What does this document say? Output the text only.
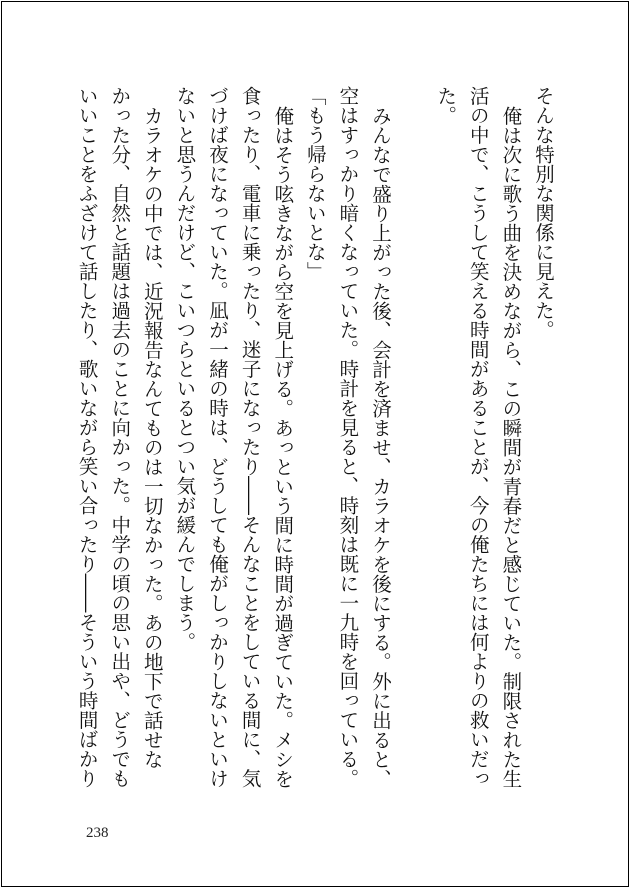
そんな特別な関係に見えた。
俺は次に歌う曲を決めながら、この瞬間が青春だと感じていた。制限された生
活の中で、こうして笑える時間があることが、今の俺たちには何よりの救いだっ
た。
みんなで盛り上がった後、会計を済ませ、カラオケを後にする。外に出ると、
空はすっかり暗くなっていた。時計を見ると、時刻は既に一九時を回っている。
「もう帰らないとな」
俺はそう呟きながら空を見上げる。あっという間に時間が過ぎていた。メシを
食ったり、電車に乗ったり、迷子になったり――そんなことをしている間に、気
づけば夜になっていた。凪が一緒の時は、どうしても俺がしっかりしないといけ
ないと思うんだけど、こいつらといるとつい気が緩んでしまう。
カラオケの中では、近況報告なんてものは一切なかった。あの地下で話せな
かった分、自然と話題は過去のことに向かった。中学の頃の思い出や、どうでも
いいことをふざけて話したり、歌いながら笑い合ったり――そういう時間ばかり
238
